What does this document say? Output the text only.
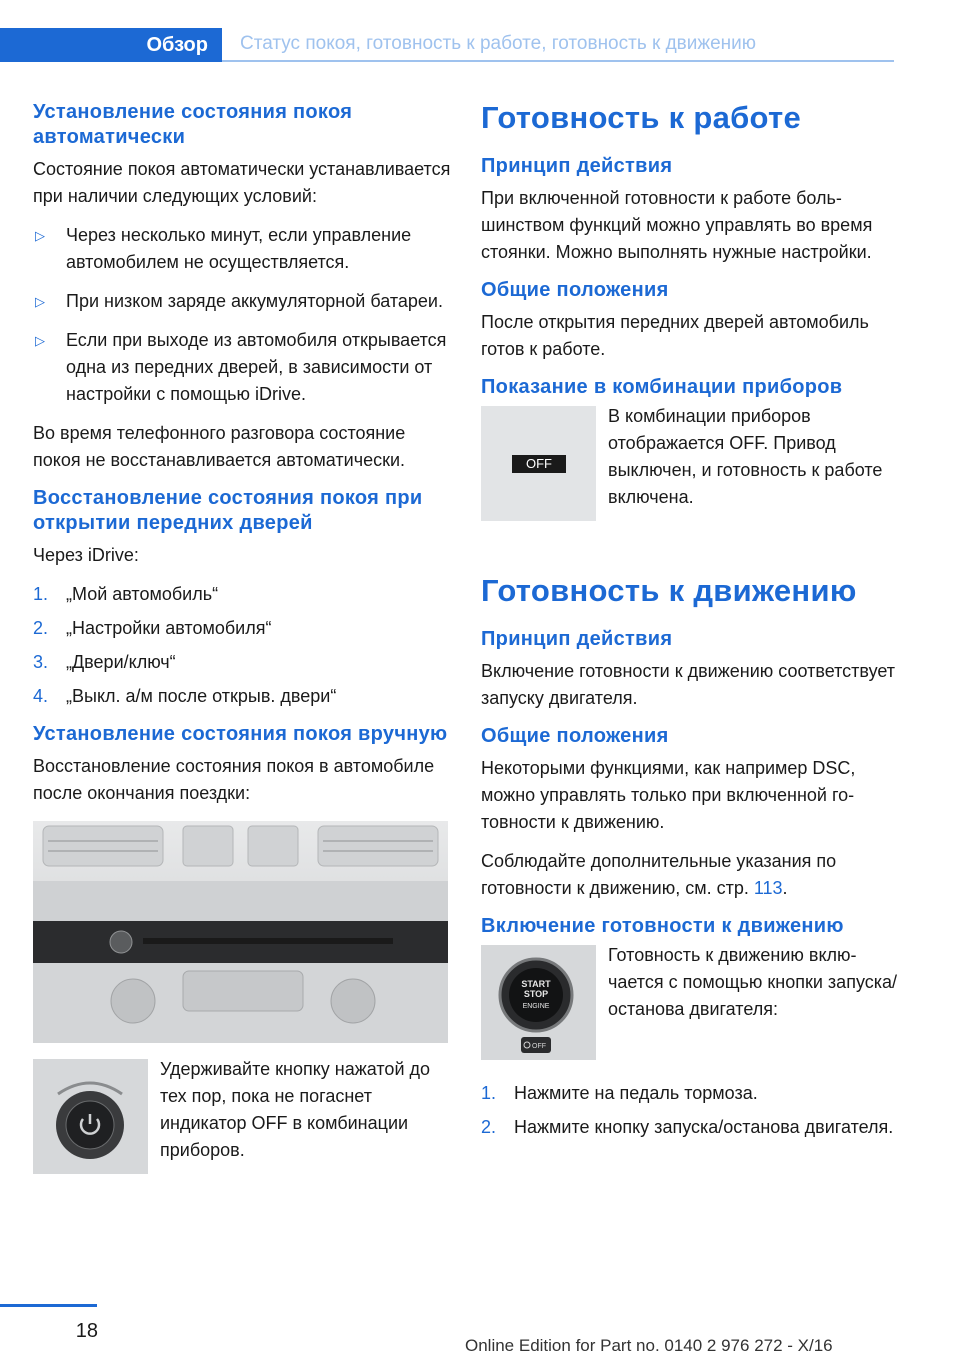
Обзор	Статус покоя, готовность к работе, готовность к движению
Установление состояния покоя автоматически

Состояние покоя автоматически устанавливается при наличии следующих условий:

▷	Через несколько минут, если управление автомобилем не осуществляется.
▷	При низком заряде аккумуляторной батареи.
▷	Если при выходе из автомобиля открывается одна из передних дверей, в зависимости от настройки с помощью iDrive.

Во время телефонного разговора состояние покоя не восстанавливается автоматически.

Восстановление состояния покоя при открытии передних дверей

Через iDrive:

1. „Мой автомобиль“
2. „Настройки автомобиля“
3. „Двери/ключ“
4. „Выкл. а/м после открыв. двери“
Установление состояния покоя вручную

Восстановление состояния покоя в автомобиле после окончания поездки:

Удерживайте кнопку нажатой до тех пор, пока не погаснет индикатор OFF в комбинации приборов.
Готовность к работе
Принцип действия

При включенной готовности к работе большинством функций можно управлять во время стоянки. Можно выполнять нужные настройки.

Общие положения

После открытия передних дверей автомобиль готов к работе.

Показание в комбинации приборов
OFF
В комбинации приборов отображается OFF. Привод выключен, и готовность к работе включена.
Готовность к движению
Принцип действия

Включение готовности к движению соответствует запуску двигателя.

Общие положения

Некоторыми функциями, как например DSC, можно управлять только при включенной готовности к движению.

Соблюдайте дополнительные указания по готовности к движению, см. стр. 113.

Включение готовности к движению
START
STOP
ENGINE
OFF
Готовность к движению включается с помощью кнопки запуска/останова двигателя:
1. Нажмите на педаль тормоза.
2. Нажмите кнопку запуска/останова двигателя.
18
Online Edition for Part no. 0140 2 976 272 - X/16
